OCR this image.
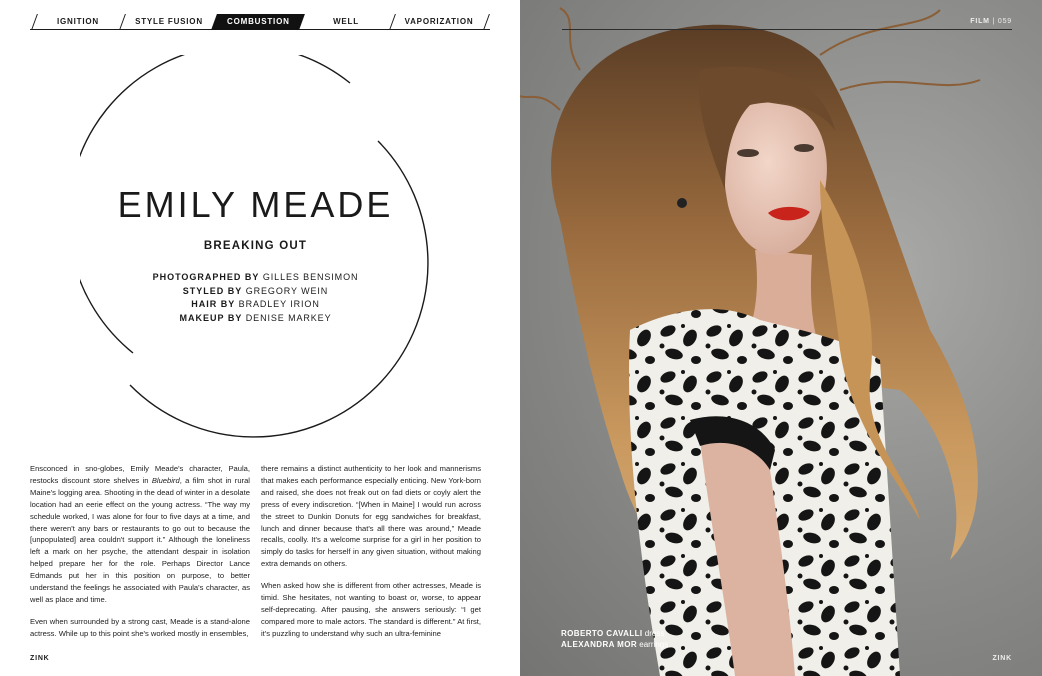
IGNITION	STYLE FUSION	COMBUSTION	WELL	VAPORIZATION
EMILY MEADE
BREAKING OUT
PHOTOGRAPHED BY GILLES BENSIMON
STYLED BY GREGORY WEIN
HAIR BY BRADLEY IRION
MAKEUP BY DENISE MARKEY

Ensconced in sno-globes, Emily Meade's character, Paula, restocks discount store shelves in Bluebird, a film shot in rural Maine's logging area. Shooting in the dead of winter in a desolate location had an eerie effect on the young actress. “The way my schedule worked, I was alone for four to five days at a time, and there weren't any bars or restaurants to go out to because the [unpopulated] area couldn't support it.” Although the loneliness left a mark on her psyche, the attendant despair in isolation helped prepare her for the role. Perhaps Director Lance Edmands put her in this position on purpose, to better understand the feelings he associated with Paula's character, as well as place and time.

Even when surrounded by a strong cast, Meade is a stand-alone actress. While up to this point she's worked mostly in ensembles,

there remains a distinct authenticity to her look and mannerisms that makes each performance especially enticing. New York-born and raised, she does not freak out on fad diets or coyly alert the press of every indiscretion. “[When in Maine] I would run across the street to Dunkin Donuts for egg sandwiches for breakfast, lunch and dinner because that's all there was around,” Meade recalls, coolly. It's a welcome surprise for a girl in her position to simply do tasks for herself in any given situation, without making extra demands on others.

When asked how she is different from other actresses, Meade is timid. She hesitates, not wanting to boast or, worse, to appear self-deprecating. After pausing, she answers seriously: “I get compared more to male actors. The standard is different.” At first, it's puzzling to understand why such an ultra-feminine

ZINK
FILM | 059
ROBERTO CAVALLI dress
ALEXANDRA MOR earrings
ZINK
